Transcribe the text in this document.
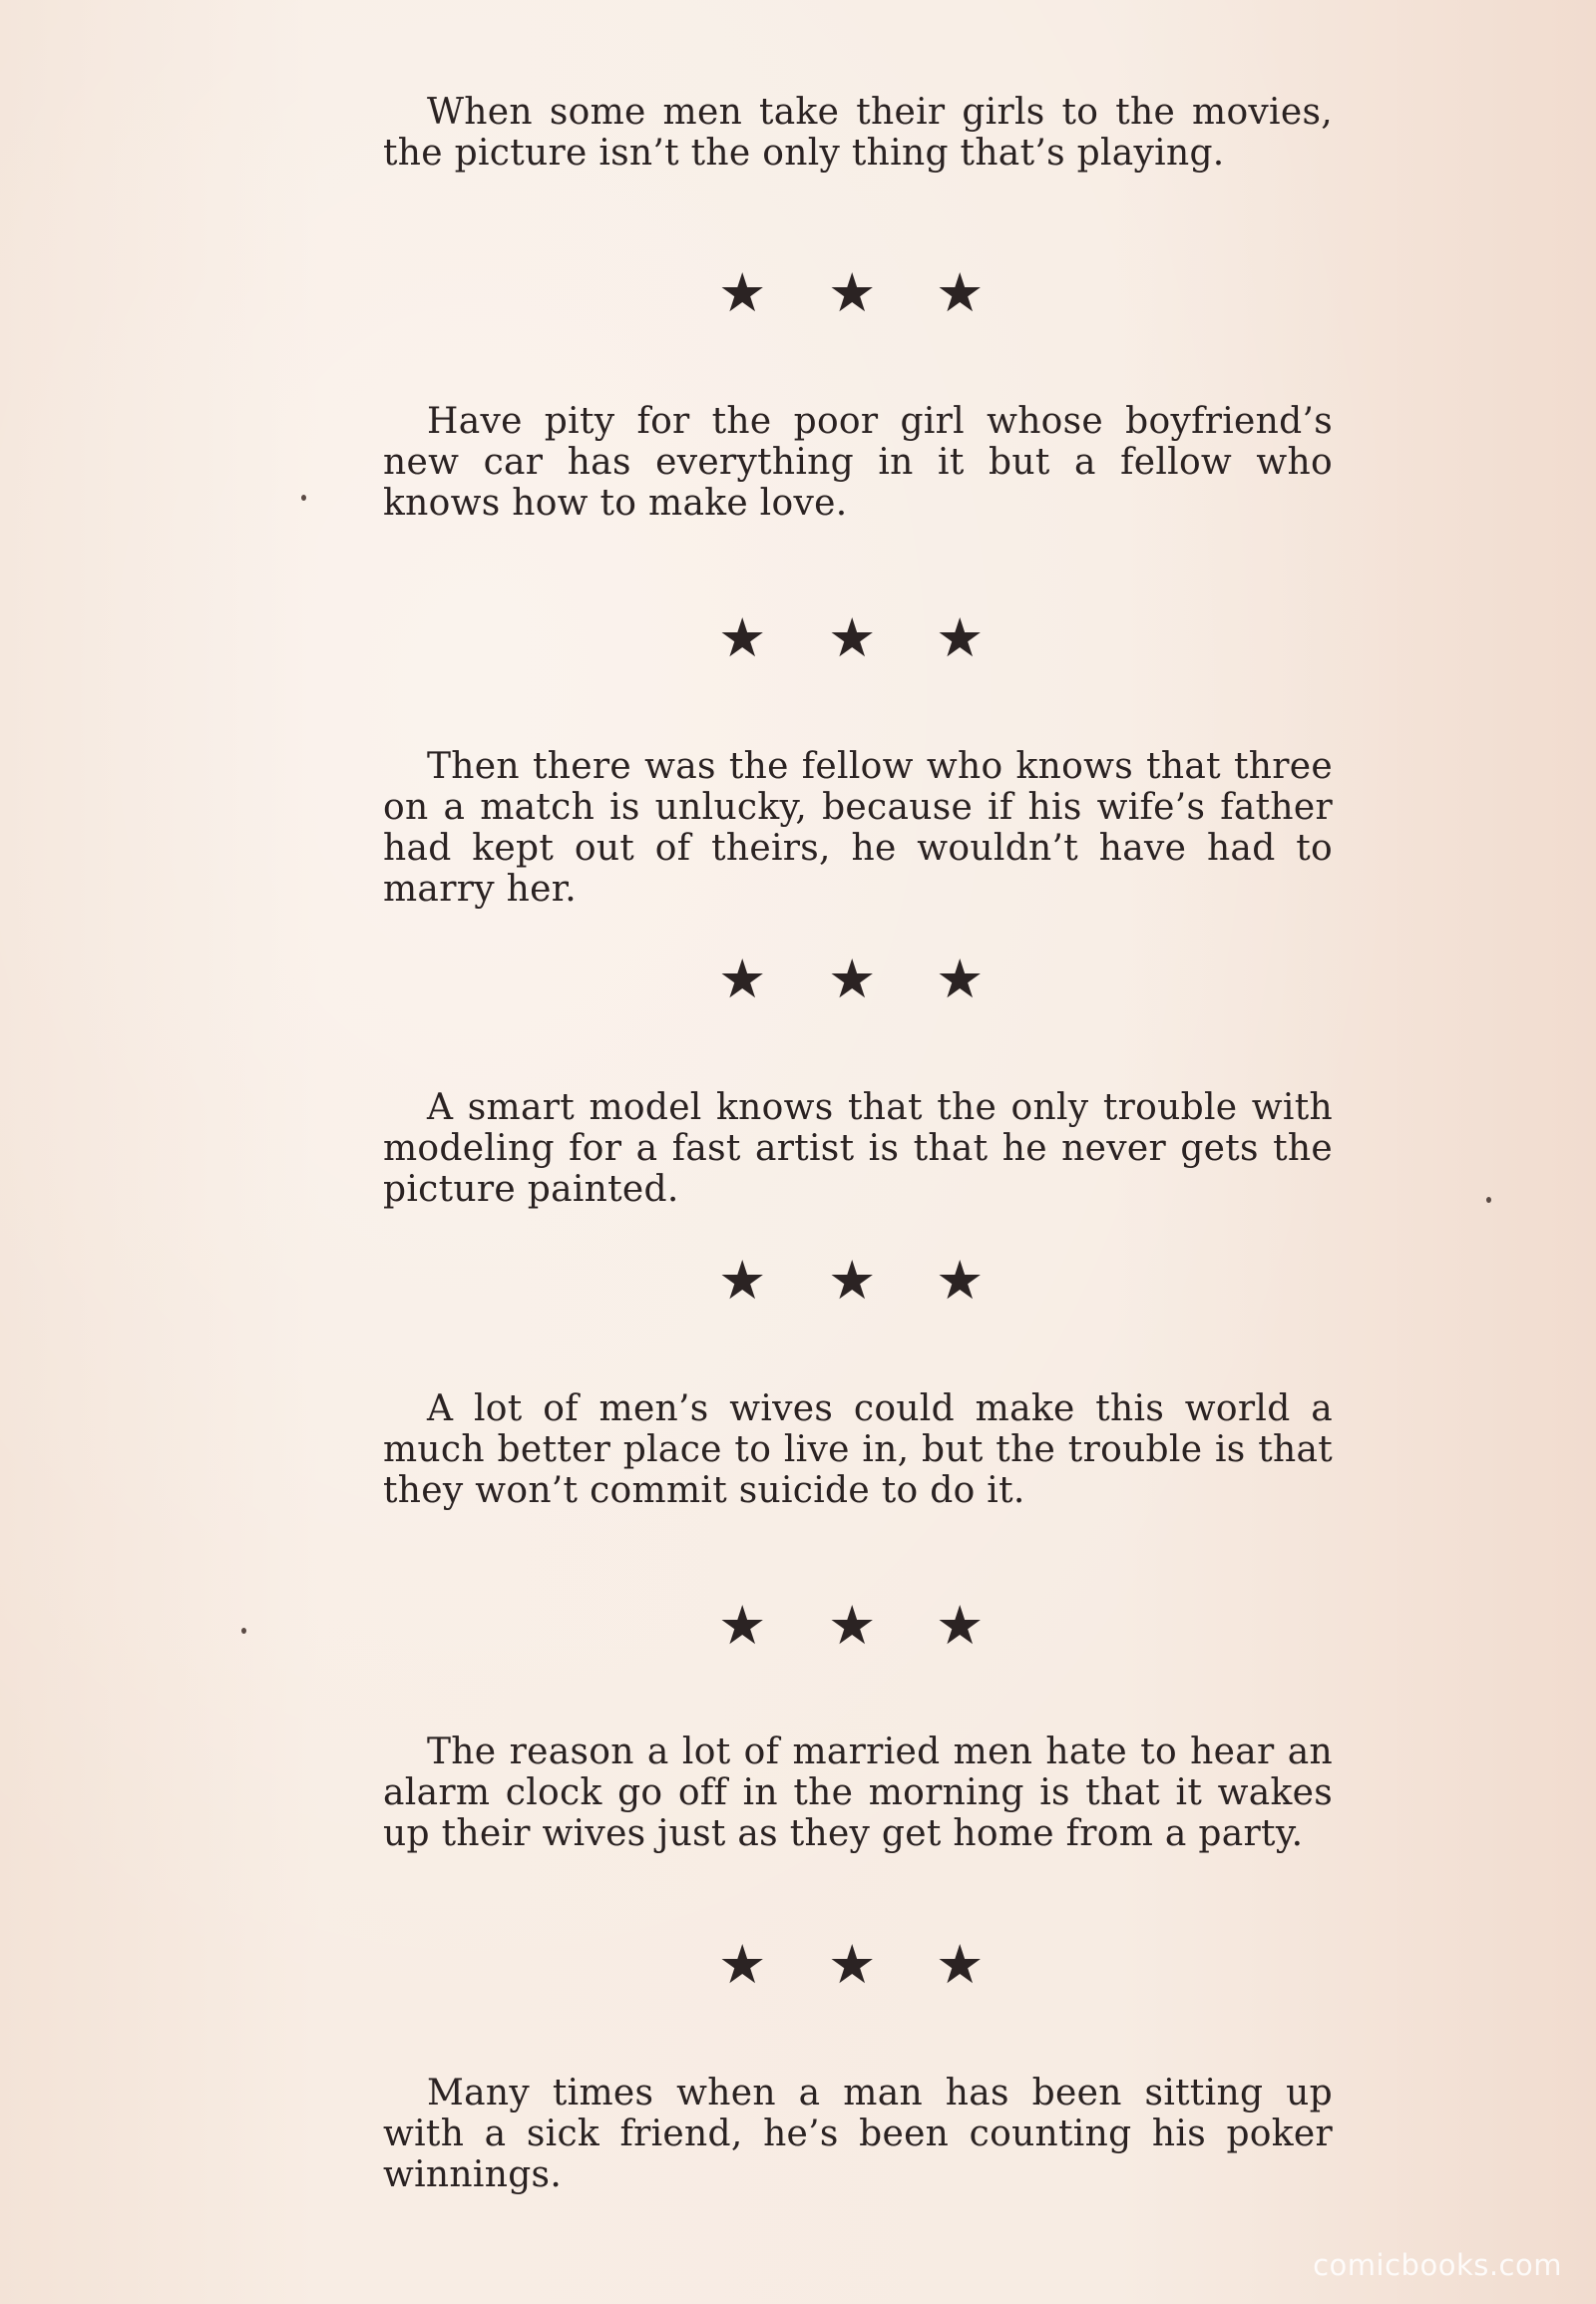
When some men take their girls to the movies, the picture isn’t the only thing that’s playing.

★ ★ ★

Have pity for the poor girl whose boyfriend’s new car has everything in it but a fellow who knows how to make love.

★ ★ ★

Then there was the fellow who knows that three on a match is unlucky, because if his wife’s father had kept out of theirs, he wouldn’t have had to marry her.

★ ★ ★

A smart model knows that the only trouble with modeling for a fast artist is that he never gets the picture painted.

★ ★ ★

A lot of men’s wives could make this world a much better place to live in, but the trouble is that they won’t commit suicide to do it.

★ ★ ★

The reason a lot of married men hate to hear an alarm clock go off in the morning is that it wakes up their wives just as they get home from a party.

★ ★ ★

Many times when a man has been sitting up with a sick friend, he’s been counting his poker winnings.

comicbooks.com
